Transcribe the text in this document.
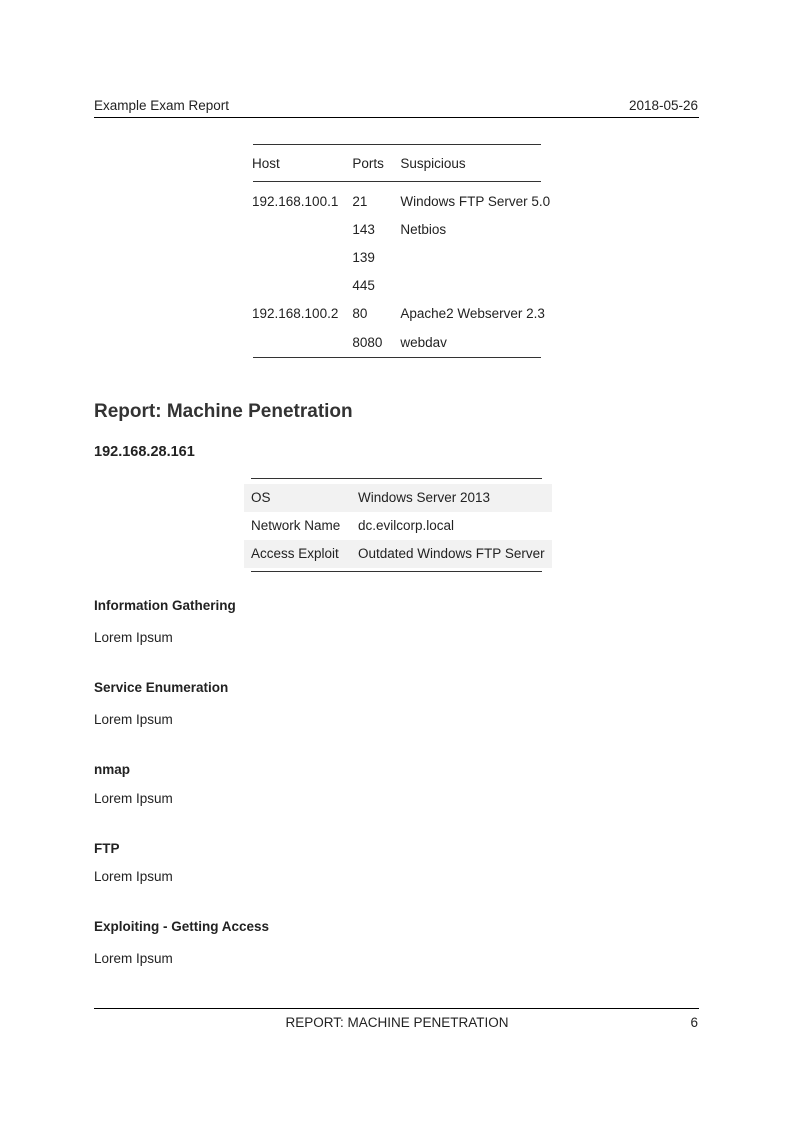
Example Exam Report	2018-05-26
Host	Ports	Suspicious

192.168.100.1	21	Windows FTP Server 5.0
	143	Netbios
	139	
	445	
192.168.100.2	80	Apache2 Webserver 2.3
	8080	webdav
Report: Machine Penetration
192.168.28.161
OS	Windows Server 2013
Network Name	dc.evilcorp.local
Access Exploit	Outdated Windows FTP Server
Information Gathering
Lorem Ipsum
Service Enumeration
Lorem Ipsum
nmap
Lorem Ipsum
FTP
Lorem Ipsum
Exploiting - Getting Access
Lorem Ipsum
REPORT: MACHINE PENETRATION	6
